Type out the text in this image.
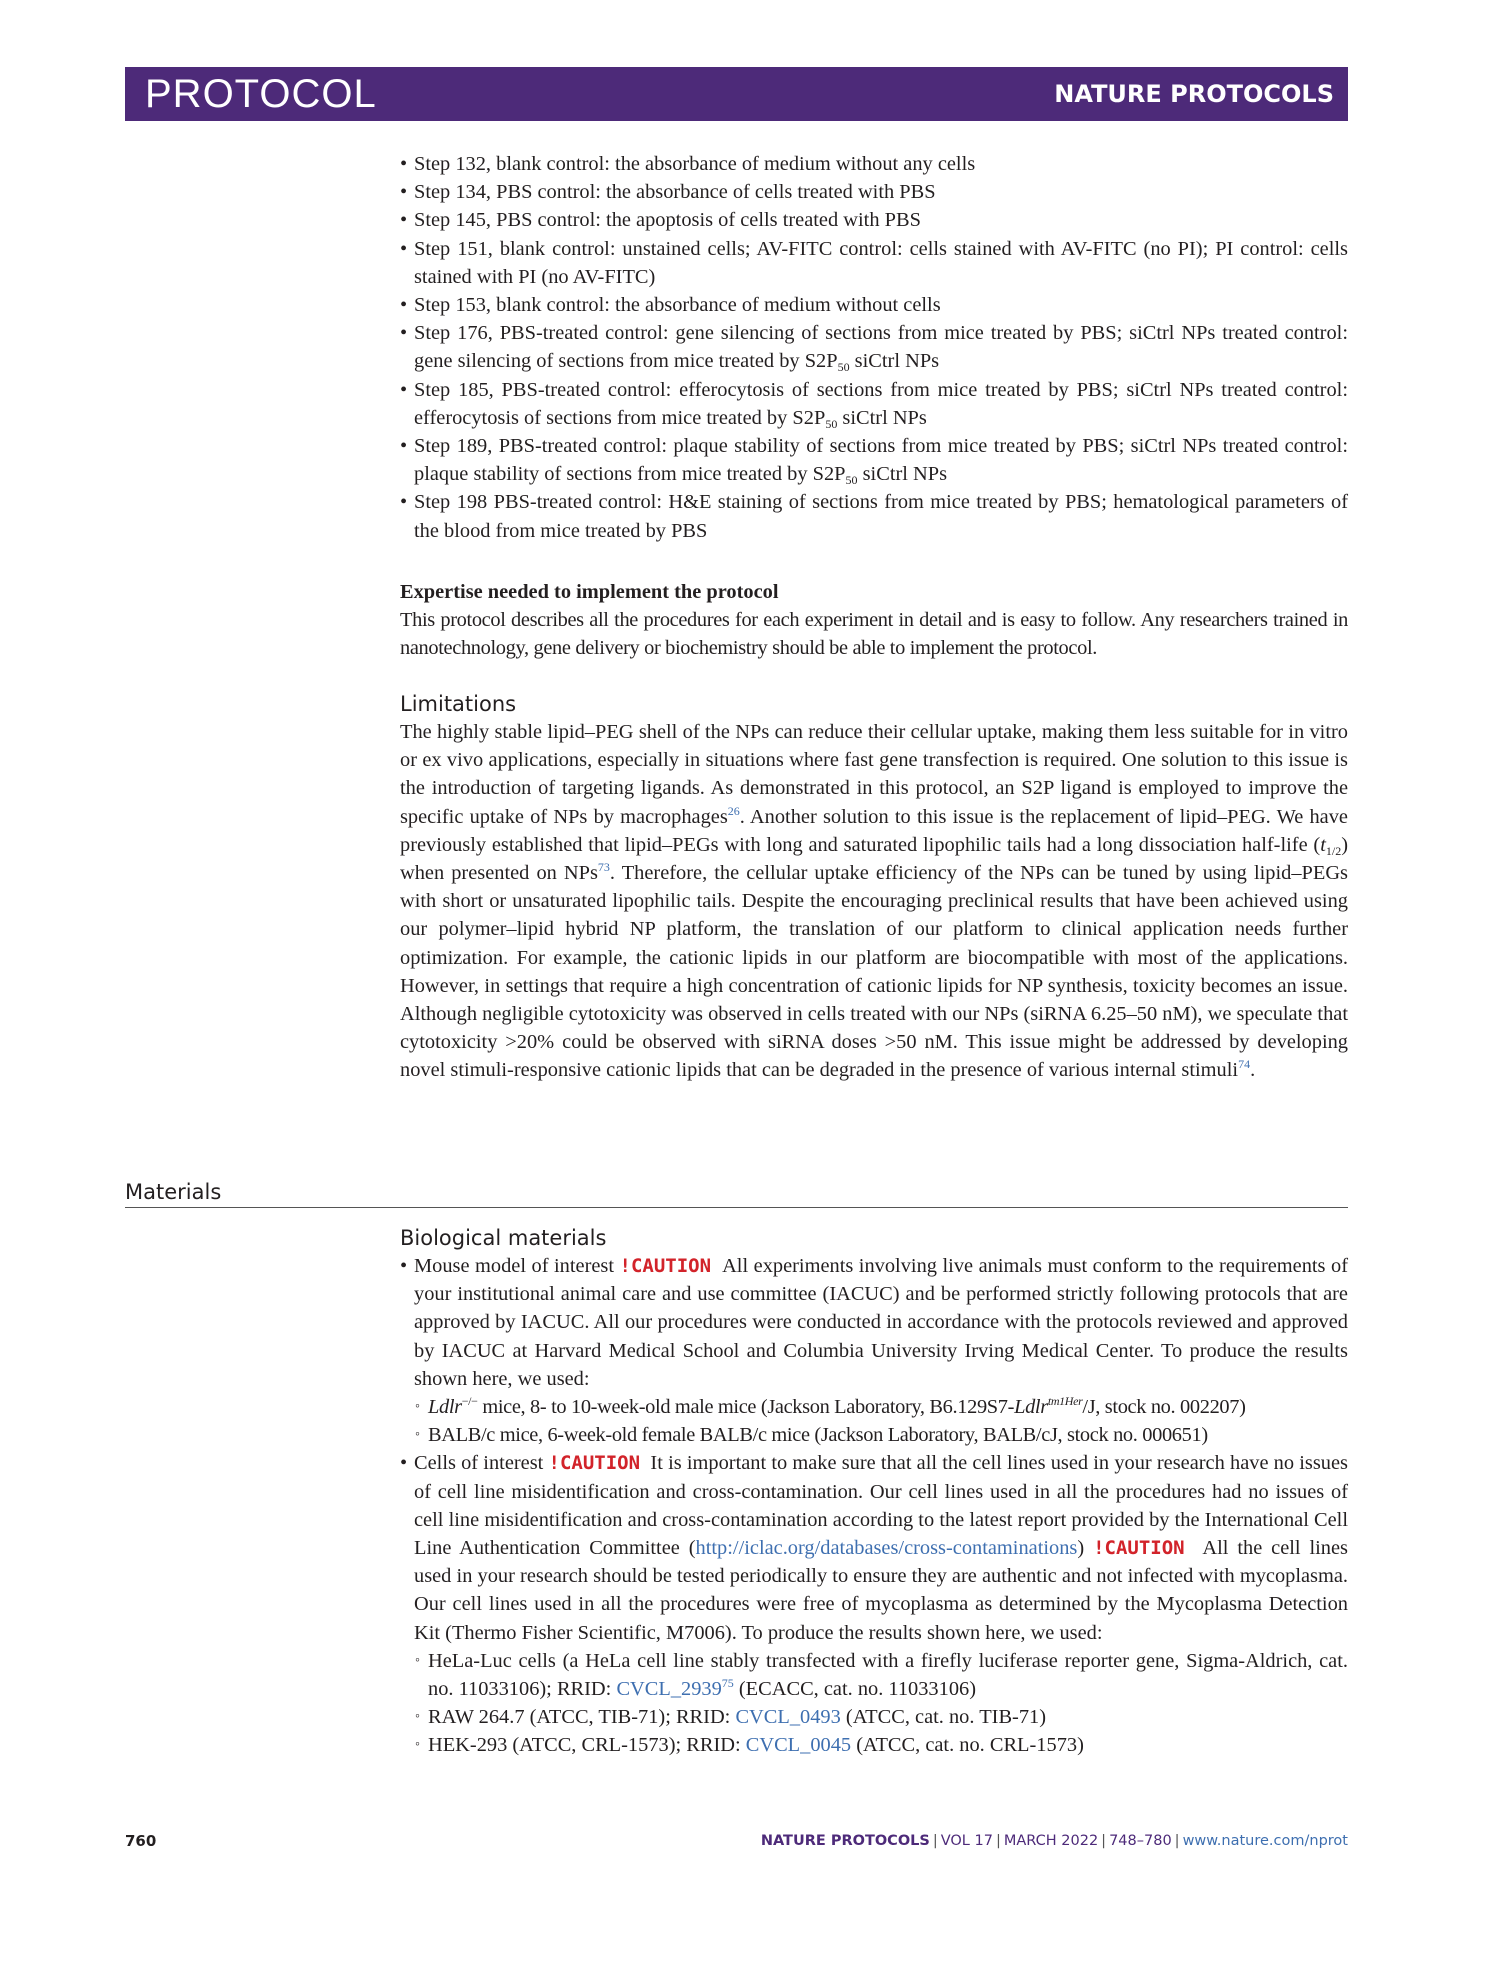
PROTOCOL	NATURE PROTOCOLS
• Step 132, blank control: the absorbance of medium without any cells
• Step 134, PBS control: the absorbance of cells treated with PBS
• Step 145, PBS control: the apoptosis of cells treated with PBS
• Step 151, blank control: unstained cells; AV-FITC control: cells stained with AV-FITC (no PI); PI control: cells stained with PI (no AV-FITC)
• Step 153, blank control: the absorbance of medium without cells
• Step 176, PBS-treated control: gene silencing of sections from mice treated by PBS; siCtrl NPs treated control: gene silencing of sections from mice treated by $S2P_{50}$ siCtrl NPs
• Step 185, PBS-treated control: efferocytosis of sections from mice treated by PBS; siCtrl NPs treated control: efferocytosis of sections from mice treated by $S2P_{50}$ siCtrl NPs
• Step 189, PBS-treated control: plaque stability of sections from mice treated by PBS; siCtrl NPs treated control: plaque stability of sections from mice treated by $S2P_{50}$ siCtrl NPs
• Step 198 PBS-treated control: H&E staining of sections from mice treated by PBS; hematological parameters of the blood from mice treated by PBS

Expertise needed to implement the protocol

This protocol describes all the procedures for each experiment in detail and is easy to follow. Any researchers trained in nanotechnology, gene delivery or biochemistry should be able to implement the protocol.

Limitations

The highly stable lipid–PEG shell of the NPs can reduce their cellular uptake, making them less suitable for in vitro or ex vivo applications, especially in situations where fast gene transfection is required. One solution to this issue is the introduction of targeting ligands. As demonstrated in this protocol, an S2P ligand is employed to improve the specific uptake of NPs by macrophages$^{26}$. Another solution to this issue is the replacement of lipid–PEG. We have previously established that lipid–PEGs with long and saturated lipophilic tails had a long dissociation half-life $(t_{1/2})$ when presented on NPs$^{73}$. Therefore, the cellular uptake efficiency of the NPs can be tuned by using lipid–PEGs with short or unsaturated lipophilic tails. Despite the encouraging preclinical results that have been achieved using our polymer–lipid hybrid NP platform, the translation of our platform to clinical application needs further optimization. For example, the cationic lipids in our platform are biocompatible with most of the applications. However, in settings that require a high concentration of cationic lipids for NP synthesis, toxicity becomes an issue. Although negligible cytotoxicity was observed in cells treated with our NPs (siRNA 6.25–50 nM), we speculate that cytotoxicity >20% could be observed with siRNA doses >50 nM. This issue might be addressed by developing novel stimuli-responsive cationic lipids that can be degraded in the presence of various internal stimuli$^{74}$.

Materials

Biological materials

• Mouse model of interest !CAUTION All experiments involving live animals must conform to the requirements of your institutional animal care and use committee (IACUC) and be performed strictly following protocols that are approved by IACUC. All our procedures were conducted in accordance with the protocols reviewed and approved by IACUC at Harvard Medical School and Columbia University Irving Medical Center. To produce the results shown here, we used:
◦ Ldlr−/− mice, 8- to 10-week-old male mice (Jackson Laboratory, B6.129S7-Ldlr$^{tm1Her}$/J, stock no. 002207)
◦ BALB/c mice, 6-week-old female BALB/c mice (Jackson Laboratory, BALB/cJ, stock no. 000651)
• Cells of interest !CAUTION It is important to make sure that all the cell lines used in your research have no issues of cell line misidentification and cross-contamination. Our cell lines used in all the procedures had no issues of cell line misidentification and cross-contamination according to the latest report provided by the International Cell Line Authentication Committee (http://iclac.org/databases/cross-contaminations) !CAUTION All the cell lines used in your research should be tested periodically to ensure they are authentic and not infected with mycoplasma. Our cell lines used in all the procedures were free of mycoplasma as determined by the Mycoplasma Detection Kit (Thermo Fisher Scientific, M7006). To produce the results shown here, we used:
◦ HeLa-Luc cells (a HeLa cell line stably transfected with a firefly luciferase reporter gene, Sigma-Aldrich, cat. no. 11033106); RRID: CVCL_2939$^{75}$ (ECACC, cat. no. 11033106)
◦ RAW 264.7 (ATCC, TIB-71); RRID: CVCL_0493 (ATCC, cat. no. TIB-71)
◦ HEK-293 (ATCC, CRL-1573); RRID: CVCL_0045 (ATCC, cat. no. CRL-1573)
760	NATURE PROTOCOLS | VOL 17 | MARCH 2022 | 748–780 | www.nature.com/nprot
